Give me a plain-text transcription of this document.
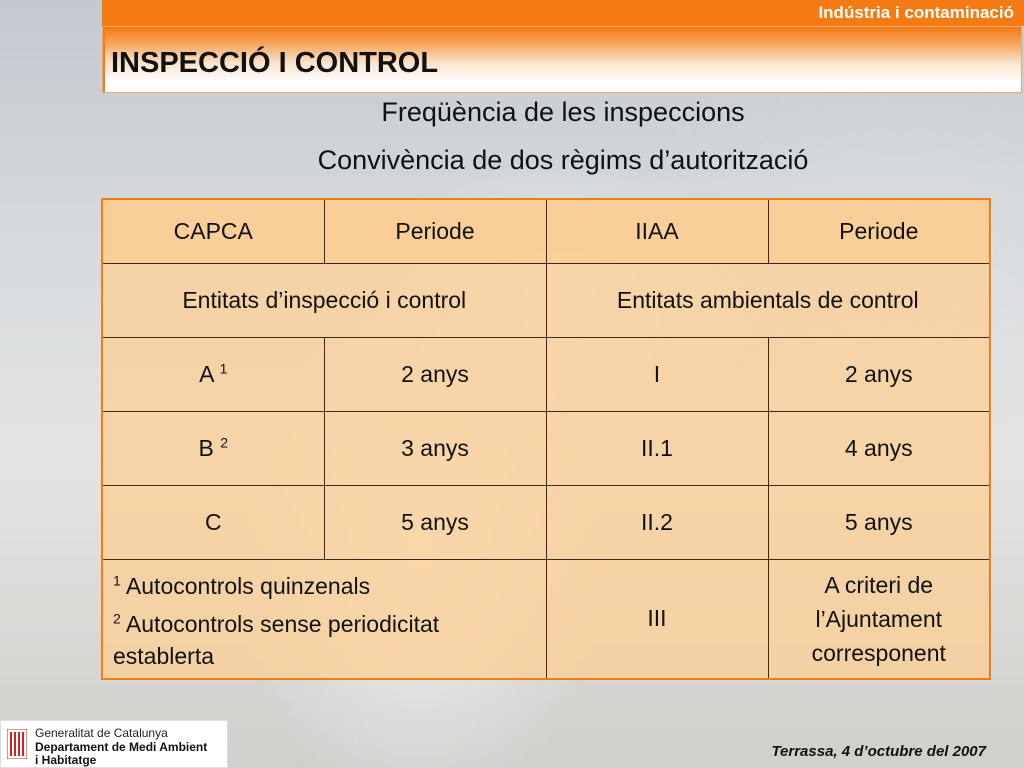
Indústria i contaminació
INSPECCIÓ I CONTROL
Freqüència de les inspeccions
Convivència de dos règims d’autorització
CAPCA	Periode	IIAA	Periode
Entitats d’inspecció i control		Entitats ambientals de control	
A $^1$	2 anys	I	2 anys
B $^2$	3 anys	II.1	4 anys
C	5 anys	II.2	5 anys

$^1$ Autocontrols quinzenals
$^2$ Autocontrols sense periodicitat establerta		III	A criteri de l’Ajuntament corresponent
Generalitat de Catalunya
Departament de Medi Ambient
i Habitatge	Terrassa, 4 d’octubre del 2007
